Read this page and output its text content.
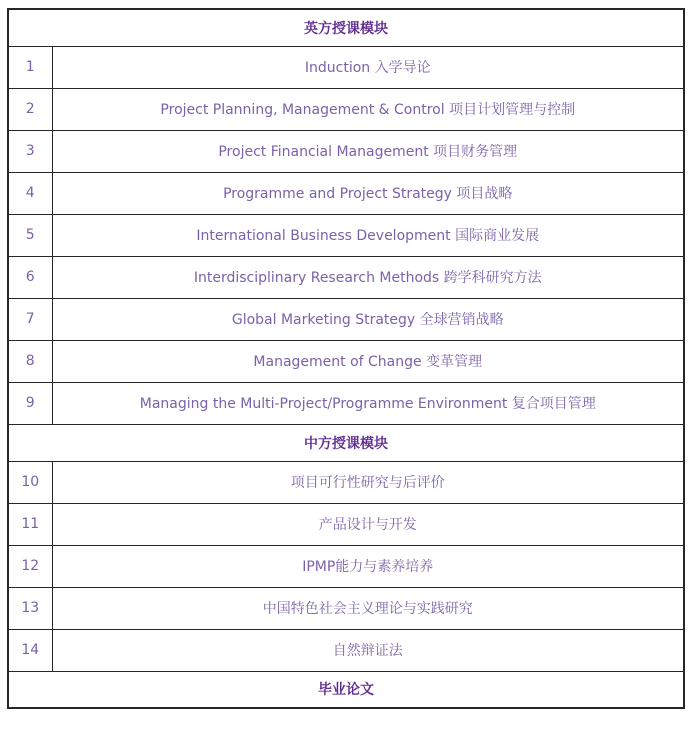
英方授课模块	
1	Induction 入学导论
2	Project Planning, Management & Control 项目计划管理与控制
3	Project Financial Management 项目财务管理
4	Programme and Project Strategy 项目战略
5	International Business Development 国际商业发展
6	Interdisciplinary Research Methods 跨学科研究方法
7	Global Marketing Strategy 全球营销战略
8	Management of Change 变革管理
9	Managing the Multi-Project/Programme Environment 复合项目管理
中方授课模块	
10	项目可行性研究与后评价
11	产品设计与开发
12	IPMP能力与素养培养
13	中国特色社会主义理论与实践研究
14	自然辩证法
毕业论文	
